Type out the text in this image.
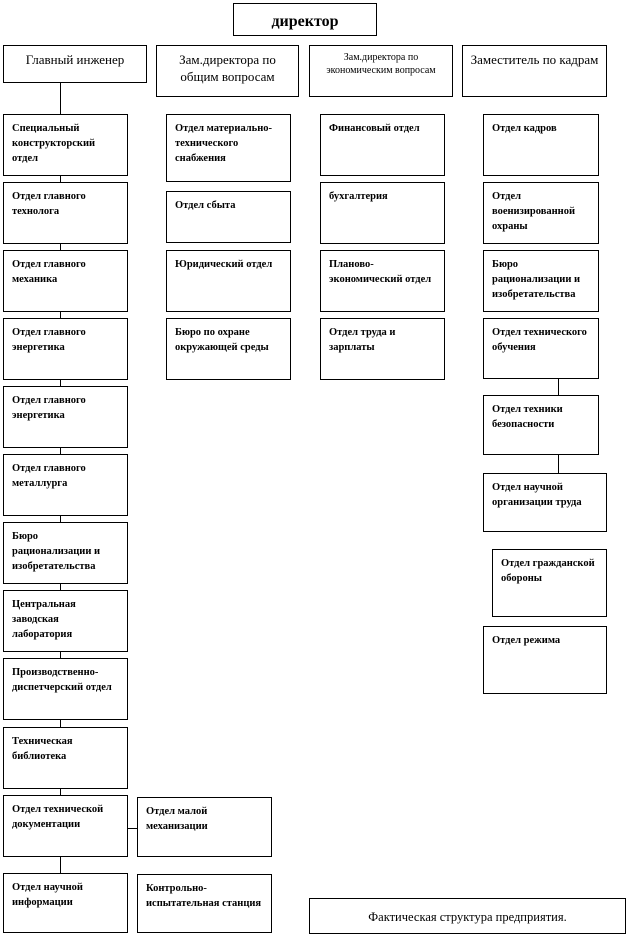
директор
Главный инженер	Зам.директора по общим вопросам
Зам.директора по экономическим вопросам
Заместитель по кадрам
Специальный конструкторский отдел
Отдел главного технолога
Отдел главного механика
Отдел главного энергетика
Отдел главного энергетика
Отдел главного металлурга
Бюро рационализации и изобретательства
Центральная заводская лаборатория
Производственно-диспетчерский отдел
Техническая библиотека
Отдел технической документации
Отдел научной информации
Отдел малой механизации
Контрольно-испытательная станция
Отдел материально-технического снабжения
Отдел сбыта
Юридический отдел
Бюро по охране окружающей среды
Финансовый отдел
бухгалтерия
Планово-экономический отдел
Отдел труда и зарплаты
Отдел кадров
Отдел военизированной охраны
Бюро рационализации и изобретательства
Отдел технического обучения
Отдел техники безопасности
Отдел научной организации труда
Отдел гражданской обороны
Отдел режима
Фактическая структура предприятия.
